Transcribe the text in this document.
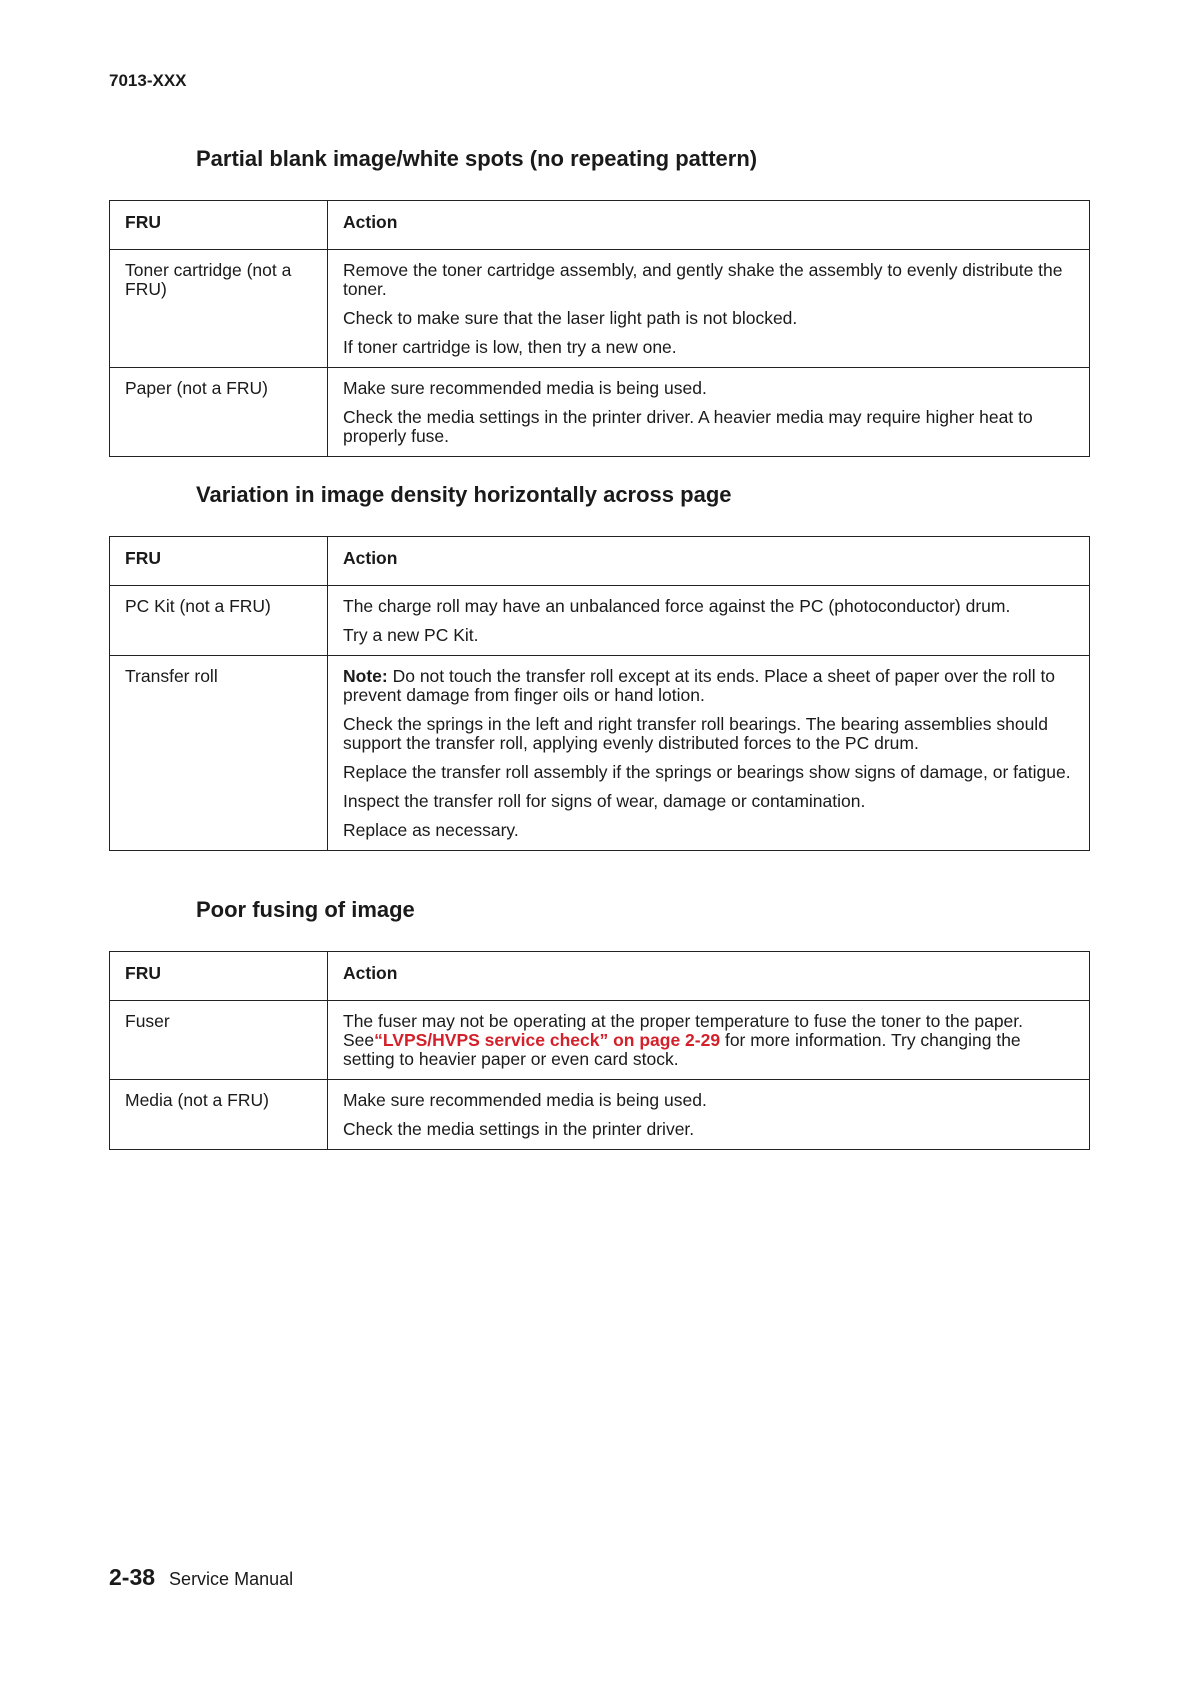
7013-XXX
Partial blank image/white spots (no repeating pattern)
FRU	Action
Toner cartridge (not a FRU)	Remove the toner cartridge assembly, and gently shake the assembly to evenly distribute the toner.

Check to make sure that the laser light path is not blocked.

If toner cartridge is low, then try a new one.

Paper (not a FRU)	Make sure recommended media is being used.

Check the media settings in the printer driver. A heavier media may require higher heat to properly fuse.

Variation in image density horizontally across page
FRU	Action
PC Kit (not a FRU)	The charge roll may have an unbalanced force against the PC (photoconductor) drum.

Try a new PC Kit.

Transfer roll	Note: Do not touch the transfer roll except at its ends. Place a sheet of paper over the roll to prevent damage from finger oils or hand lotion.

Check the springs in the left and right transfer roll bearings. The bearing assemblies should support the transfer roll, applying evenly distributed forces to the PC drum.

Replace the transfer roll assembly if the springs or bearings show signs of damage, or fatigue.

Inspect the transfer roll for signs of wear, damage or contamination.

Replace as necessary.

Poor fusing of image
FRU	Action
Fuser	The fuser may not be operating at the proper temperature to fuse the toner to the paper. See“LVPS/HVPS service check” on page 2-29 for more information. Try changing the setting to heavier paper or even card stock.

Media (not a FRU)	Make sure recommended media is being used.

Check the media settings in the printer driver.

2-38 Service Manual
